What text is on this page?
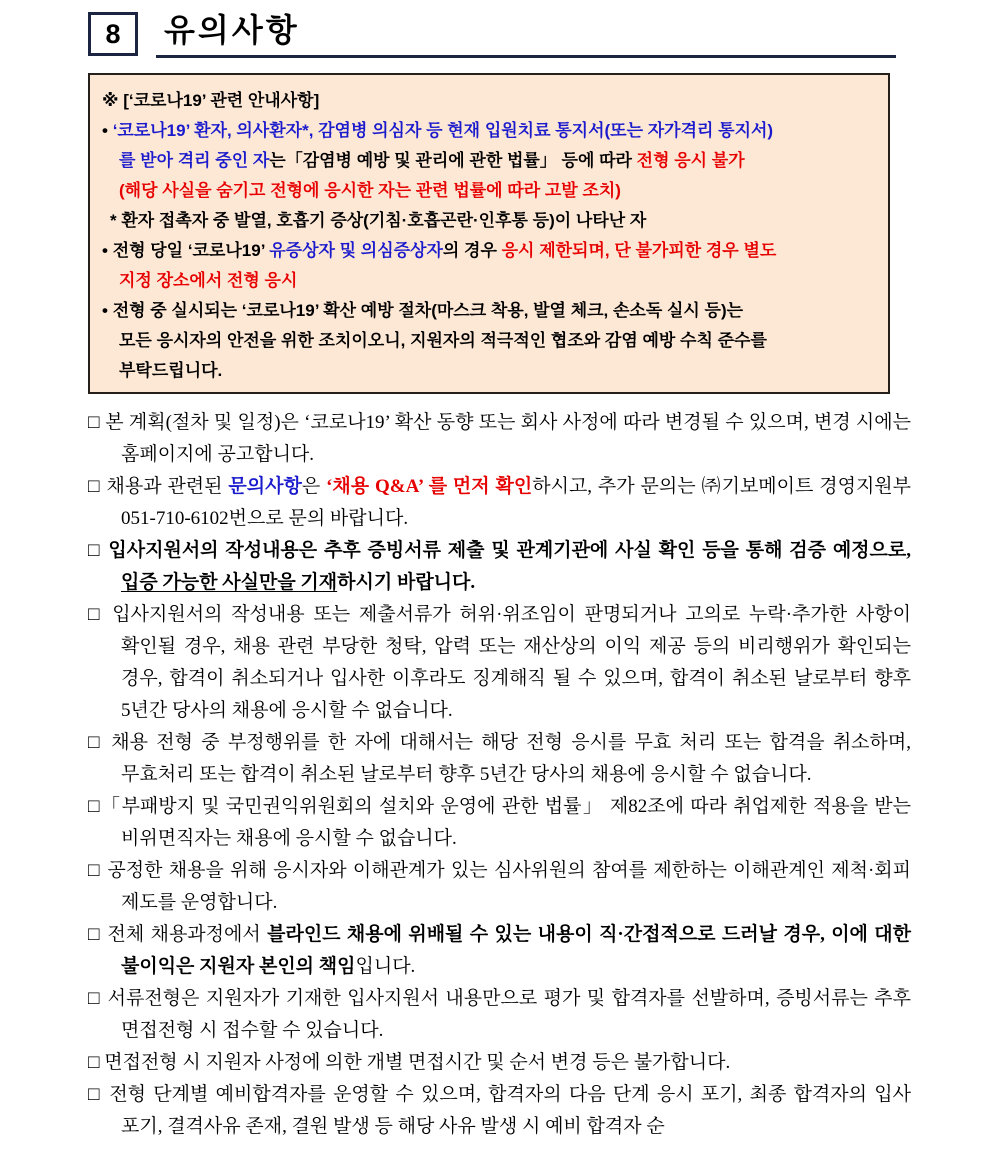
8 유의사항
※ [‘코로나19’ 관련 안내사항]
• ‘코로나19’ 환자, 의사환자*, 감염병 의심자 등 현재 입원치료 통지서(또는 자가격리 통지서)
를 받아 격리 중인 자는「감염병 예방 및 관리에 관한 법률」 등에 따라 전형 응시 불가
(해당 사실을 숨기고 전형에 응시한 자는 관련 법률에 따라 고발 조치)
* 환자 접촉자 중 발열, 호흡기 증상(기침·호흡곤란·인후통 등)이 나타난 자
• 전형 당일 ‘코로나19’ 유증상자 및 의심증상자의 경우 응시 제한되며, 단 불가피한 경우 별도
지정 장소에서 전형 응시
• 전형 중 실시되는 ‘코로나19’ 확산 예방 절차(마스크 착용, 발열 체크, 손소독 실시 등)는
모든 응시자의 안전을 위한 조치이오니, 지원자의 적극적인 협조와 감염 예방 수칙 준수를
부탁드립니다.

□ 본 계획(절차 및 일정)은 ‘코로나19’ 확산 동향 또는 회사 사정에 따라 변경될 수 있으며, 변경 시에는 홈페이지에 공고합니다.

□ 채용과 관련된 문의사항은 ‘채용 Q&A’ 를 먼저 확인하시고, 추가 문의는 ㈜기보메이트 경영지원부 051-710-6102번으로 문의 바랍니다.

□ 입사지원서의 작성내용은 추후 증빙서류 제출 및 관계기관에 사실 확인 등을 통해 검증 예정으로, 입증 가능한 사실만을 기재하시기 바랍니다.

□ 입사지원서의 작성내용 또는 제출서류가 허위·위조임이 판명되거나 고의로 누락·추가한 사항이 확인될 경우, 채용 관련 부당한 청탁, 압력 또는 재산상의 이익 제공 등의 비리행위가 확인되는 경우, 합격이 취소되거나 입사한 이후라도 징계해직 될 수 있으며, 합격이 취소된 날로부터 향후 5년간 당사의 채용에 응시할 수 없습니다.

□ 채용 전형 중 부정행위를 한 자에 대해서는 해당 전형 응시를 무효 처리 또는 합격을 취소하며, 무효처리 또는 합격이 취소된 날로부터 향후 5년간 당사의 채용에 응시할 수 없습니다.

□「부패방지 및 국민권익위원회의 설치와 운영에 관한 법률」 제82조에 따라 취업제한 적용을 받는 비위면직자는 채용에 응시할 수 없습니다.

□ 공정한 채용을 위해 응시자와 이해관계가 있는 심사위원의 참여를 제한하는 이해관계인 제척·회피 제도를 운영합니다.

□ 전체 채용과정에서 블라인드 채용에 위배될 수 있는 내용이 직·간접적으로 드러날 경우, 이에 대한 불이익은 지원자 본인의 책임입니다.

□ 서류전형은 지원자가 기재한 입사지원서 내용만으로 평가 및 합격자를 선발하며, 증빙서류는 추후 면접전형 시 접수할 수 있습니다.

□ 면접전형 시 지원자 사정에 의한 개별 면접시간 및 순서 변경 등은 불가합니다.

□ 전형 단계별 예비합격자를 운영할 수 있으며, 합격자의 다음 단계 응시 포기, 최종 합격자의 입사 포기, 결격사유 존재, 결원 발생 등 해당 사유 발생 시 예비 합격자 순
